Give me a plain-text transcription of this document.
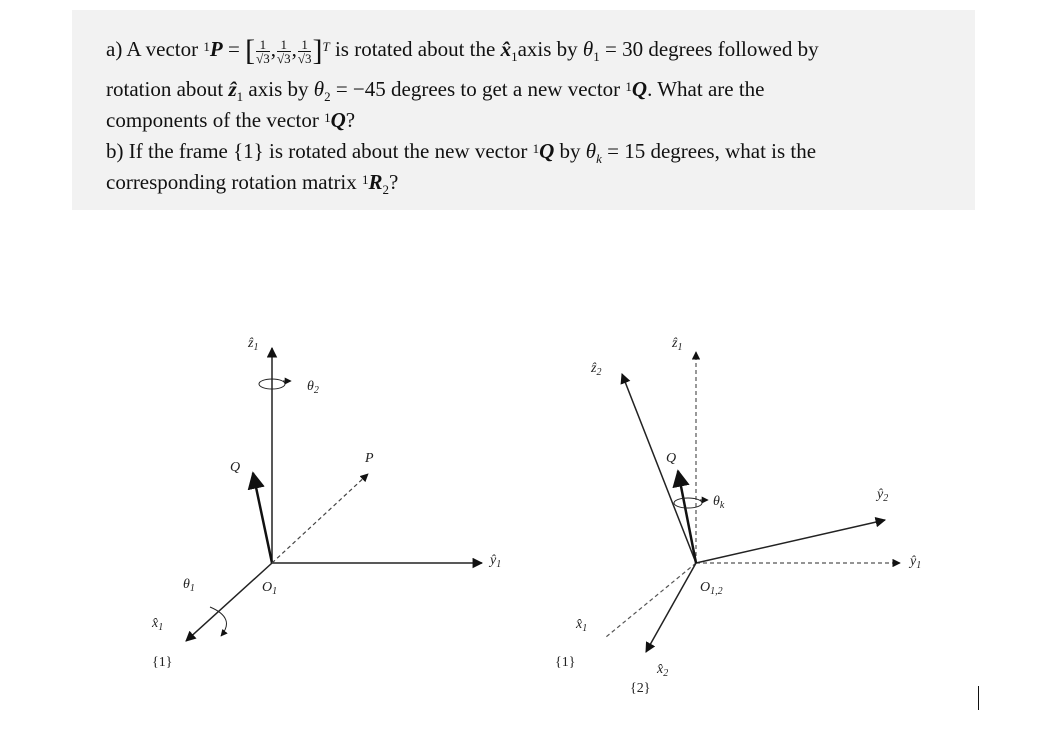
a) A vector $^1$P = [ $\frac{1}{√3}$ , $\frac{1}{√3}$ , $\frac{1}{√3} ]^T$ is rotated about the $x̂_1axis$ by $\theta_1 = 30$ degrees followed by
rotation about ẑ$_1$ axis by $\theta_2 = -45$ degrees to get a new vector $^1$Q. What are the
components of the vector $^1$Q?
b) If the frame {1} is rotated about the new vector $^1$Q by $\theta_k = 15$ degrees, what is the
corresponding rotation matrix $^1R_2$?
ẑ$_1$
$\theta_2$
P
Q
$ŷ_1$
$\theta_1$	$O_1$
$x̂_1$
{1}
ẑ$_2$
ẑ$_1$
Q
$\theta_k$
$ŷ_2$
$ŷ_1$
$O_{1,2}$
$x̂_1$
$x̂_2$
{1}
{2}
